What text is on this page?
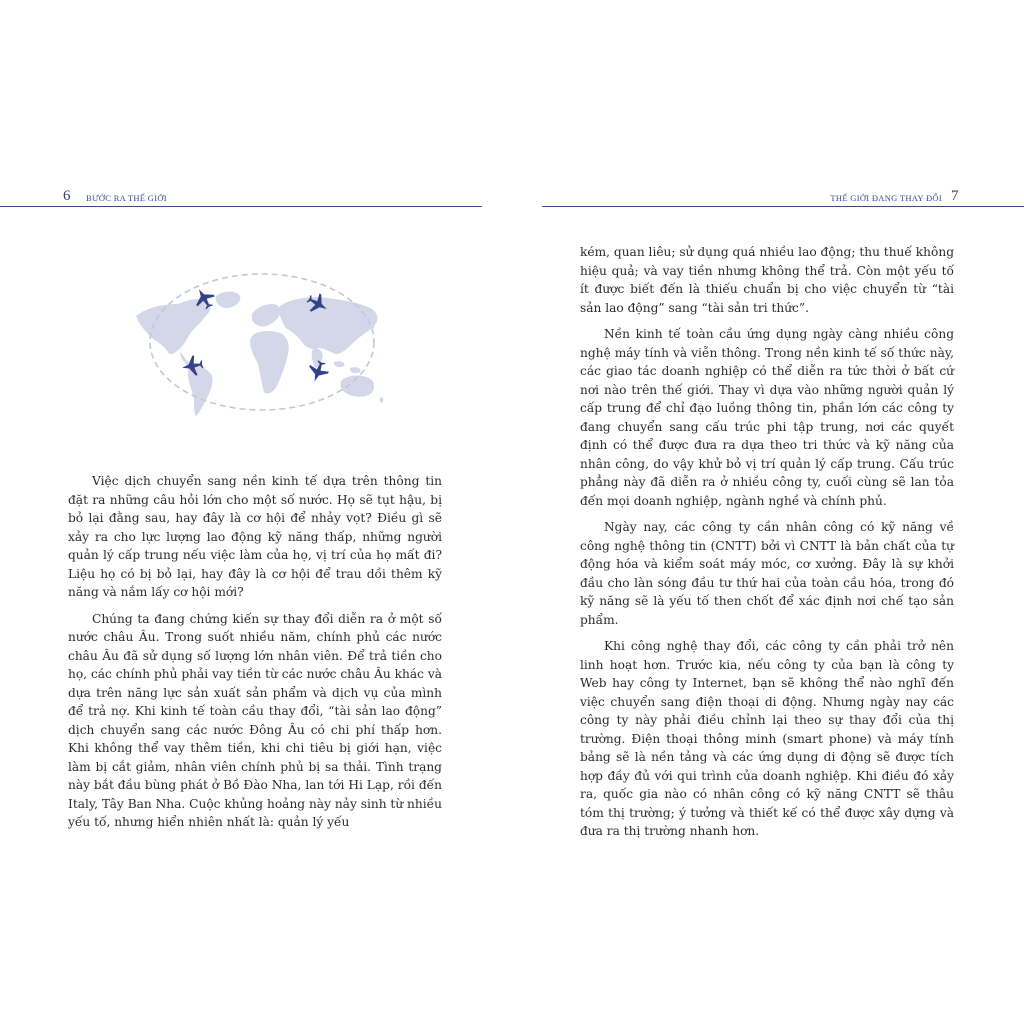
6 BƯỚC RA THẾ GIỚI	THẾ GIỚI ĐANG THAY ĐỔI 7

Việc dịch chuyển sang nền kinh tế dựa trên thông tin đặt ra những câu hỏi lớn cho một số nước. Họ sẽ tụt hậu, bị bỏ lại đằng sau, hay đây là cơ hội để nhảy vọt? Điều gì sẽ xảy ra cho lực lượng lao động kỹ năng thấp, những người quản lý cấp trung nếu việc làm của họ, vị trí của họ mất đi? Liệu họ có bị bỏ lại, hay đây là cơ hội để trau dồi thêm kỹ năng và nắm lấy cơ hội mới?

Chúng ta đang chứng kiến sự thay đổi diễn ra ở một số nước châu Âu. Trong suốt nhiều năm, chính phủ các nước châu Âu đã sử dụng số lượng lớn nhân viên. Để trả tiền cho họ, các chính phủ phải vay tiền từ các nước châu Âu khác và dựa trên năng lực sản xuất sản phẩm và dịch vụ của mình để trả nợ. Khi kinh tế toàn cầu thay đổi, “tài sản lao động” dịch chuyển sang các nước Đông Âu có chi phí thấp hơn. Khi không thể vay thêm tiền, khi chi tiêu bị giới hạn, việc làm bị cắt giảm, nhân viên chính phủ bị sa thải. Tình trạng này bắt đầu bùng phát ở Bồ Đào Nha, lan tới Hi Lạp, rồi đến Italy, Tây Ban Nha. Cuộc khủng hoảng này nảy sinh từ nhiều yếu tố, nhưng hiển nhiên nhất là: quản lý yếu

kém, quan liêu; sử dụng quá nhiều lao động; thu thuế không hiệu quả; và vay tiền nhưng không thể trả. Còn một yếu tố ít được biết đến là thiếu chuẩn bị cho việc chuyển từ “tài sản lao động” sang “tài sản tri thức”.

Nền kinh tế toàn cầu ứng dụng ngày càng nhiều công nghệ máy tính và viễn thông. Trong nền kinh tế số thức này, các giao tác doanh nghiệp có thể diễn ra tức thời ở bất cứ nơi nào trên thế giới. Thay vì dựa vào những người quản lý cấp trung để chỉ đạo luồng thông tin, phần lớn các công ty đang chuyển sang cấu trúc phi tập trung, nơi các quyết định có thể được đưa ra dựa theo tri thức và kỹ năng của nhân công, do vậy khử bỏ vị trí quản lý cấp trung. Cấu trúc phẳng này đã diễn ra ở nhiều công ty, cuối cùng sẽ lan tỏa đến mọi doanh nghiệp, ngành nghề và chính phủ.

Ngày nay, các công ty cần nhân công có kỹ năng về công nghệ thông tin (CNTT) bởi vì CNTT là bản chất của tự động hóa và kiểm soát máy móc, cơ xưởng. Đây là sự khởi đầu cho làn sóng đầu tư thứ hai của toàn cầu hóa, trong đó kỹ năng sẽ là yếu tố then chốt để xác định nơi chế tạo sản phẩm.

Khi công nghệ thay đổi, các công ty cần phải trở nên linh hoạt hơn. Trước kia, nếu công ty của bạn là công ty Web hay công ty Internet, bạn sẽ không thể nào nghĩ đến việc chuyển sang điện thoại di động. Nhưng ngày nay các công ty này phải điều chỉnh lại theo sự thay đổi của thị trường. Điện thoại thông minh (smart phone) và máy tính bảng sẽ là nền tảng và các ứng dụng di động sẽ được tích hợp đầy đủ với qui trình của doanh nghiệp. Khi điều đó xảy ra, quốc gia nào có nhân công có kỹ năng CNTT sẽ thâu tóm thị trường; ý tưởng và thiết kế có thể được xây dựng và đưa ra thị trường nhanh hơn.
